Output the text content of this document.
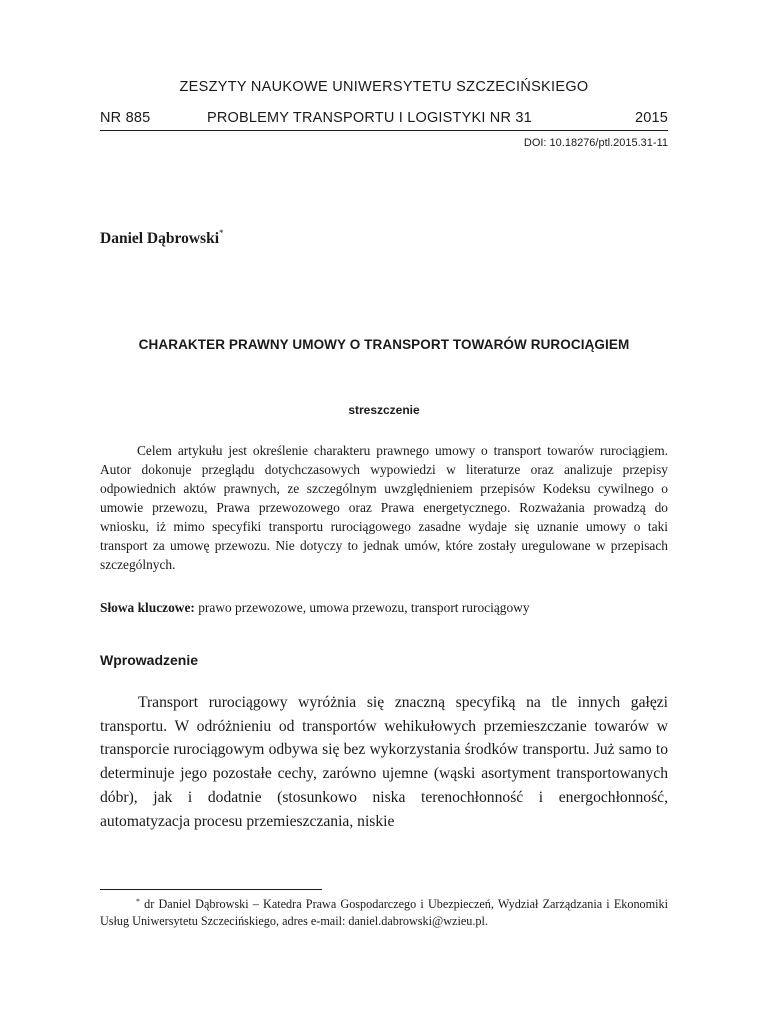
ZESZYTY NAUKOWE UNIWERSYTETU SZCZECIŃSKIEGO
NR 885	PROBLEMY TRANSPORTU I LOGISTYKI NR 31	2015
DOI: 10.18276/ptl.2015.31-11
Daniel Dąbrowski*
CHARAKTER PRAWNY UMOWY O TRANSPORT TOWARÓW RUROCIĄGIEM
streszczenie

Celem artykułu jest określenie charakteru prawnego umowy o transport towarów rurociągiem. Autor dokonuje przeglądu dotychczasowych wypowiedzi w literaturze oraz analizuje przepisy odpowiednich aktów prawnych, ze szczególnym uwzględnieniem przepisów Kodeksu cywilnego o umowie przewozu, Prawa przewozowego oraz Prawa energetycznego. Rozważania prowadzą do wniosku, iż mimo specyfiki transportu rurociągowego zasadne wydaje się uznanie umowy o taki transport za umowę przewozu. Nie dotyczy to jednak umów, które zostały uregulowane w przepisach szczególnych.

Słowa kluczowe: prawo przewozowe, umowa przewozu, transport rurociągowy
Wprowadzenie

Transport rurociągowy wyróżnia się znaczną specyfiką na tle innych gałęzi transportu. W odróżnieniu od transportów wehikułowych przemieszczanie towarów w transporcie rurociągowym odbywa się bez wykorzystania środków transportu. Już samo to determinuje jego pozostałe cechy, zarówno ujemne (wąski asortyment transportowanych dóbr), jak i dodatnie (stosunkowo niska terenochłonność i energochłonność, automatyzacja procesu przemieszczania, niskie

* dr Daniel Dąbrowski – Katedra Prawa Gospodarczego i Ubezpieczeń, Wydział Zarządzania i Ekonomiki Usług Uniwersytetu Szczecińskiego, adres e-mail: daniel.dabrowski@wzieu.pl.
